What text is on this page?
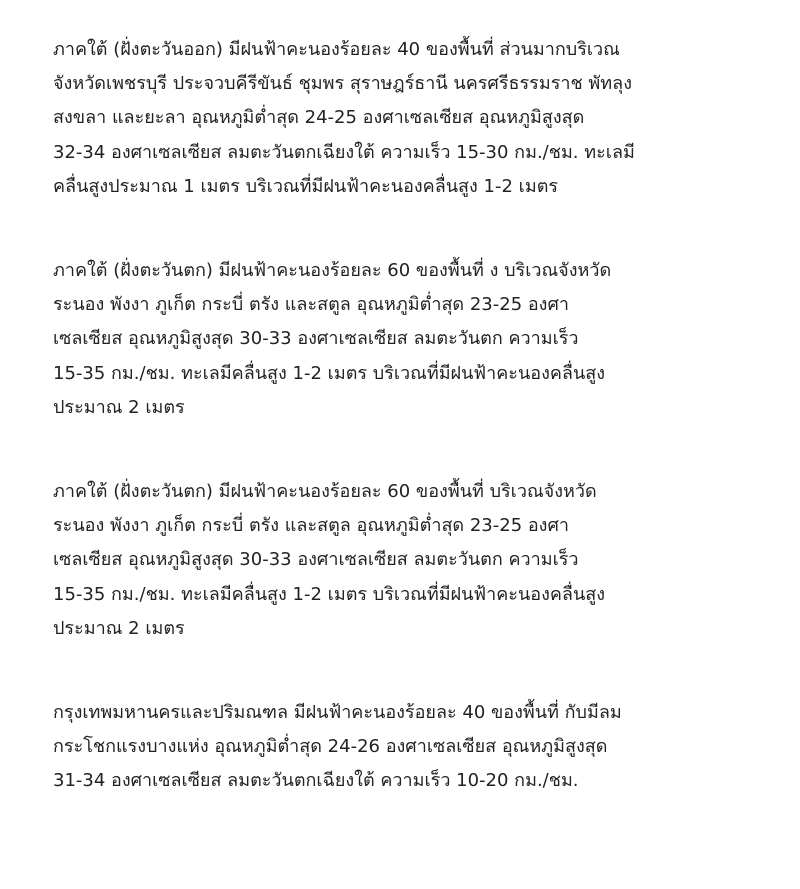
ภาคใต้ (ฝั่งตะวันออก) มีฝนฟ้าคะนองร้อยละ 40 ของพื้นที่ ส่วนมากบริเวณ
จังหวัดเพชรบุรี ประจวบคีรีขันธ์ ชุมพร สุราษฎร์ธานี นครศรีธรรมราช พัทลุง
สงขลา และยะลา อุณหภูมิต่ำสุด 24-25 องศาเซลเซียส อุณหภูมิสูงสุด
32-34 องศาเซลเซียส ลมตะวันตกเฉียงใต้ ความเร็ว 15-30 กม./ชม. ทะเลมี
คลื่นสูงประมาณ 1 เมตร บริเวณที่มีฝนฟ้าคะนองคลื่นสูง 1-2 เมตร

ภาคใต้ (ฝั่งตะวันตก) มีฝนฟ้าคะนองร้อยละ 60 ของพื้นที่ ง บริเวณจังหวัด
ระนอง พังงา ภูเก็ต กระบี่ ตรัง และสตูล อุณหภูมิต่ำสุด 23-25 องศา
เซลเซียส อุณหภูมิสูงสุด 30-33 องศาเซลเซียส ลมตะวันตก ความเร็ว
15-35 กม./ชม. ทะเลมีคลื่นสูง 1-2 เมตร บริเวณที่มีฝนฟ้าคะนองคลื่นสูง
ประมาณ 2 เมตร

ภาคใต้ (ฝั่งตะวันตก) มีฝนฟ้าคะนองร้อยละ 60 ของพื้นที่ บริเวณจังหวัด
ระนอง พังงา ภูเก็ต กระบี่ ตรัง และสตูล อุณหภูมิต่ำสุด 23-25 องศา
เซลเซียส อุณหภูมิสูงสุด 30-33 องศาเซลเซียส ลมตะวันตก ความเร็ว
15-35 กม./ชม. ทะเลมีคลื่นสูง 1-2 เมตร บริเวณที่มีฝนฟ้าคะนองคลื่นสูง
ประมาณ 2 เมตร

กรุงเทพมหานครและปริมณฑล มีฝนฟ้าคะนองร้อยละ 40 ของพื้นที่ กับมีลม
กระโชกแรงบางแห่ง อุณหภูมิต่ำสุด 24-26 องศาเซลเซียส อุณหภูมิสูงสุด
31-34 องศาเซลเซียส ลมตะวันตกเฉียงใต้ ความเร็ว 10-20 กม./ชม.
